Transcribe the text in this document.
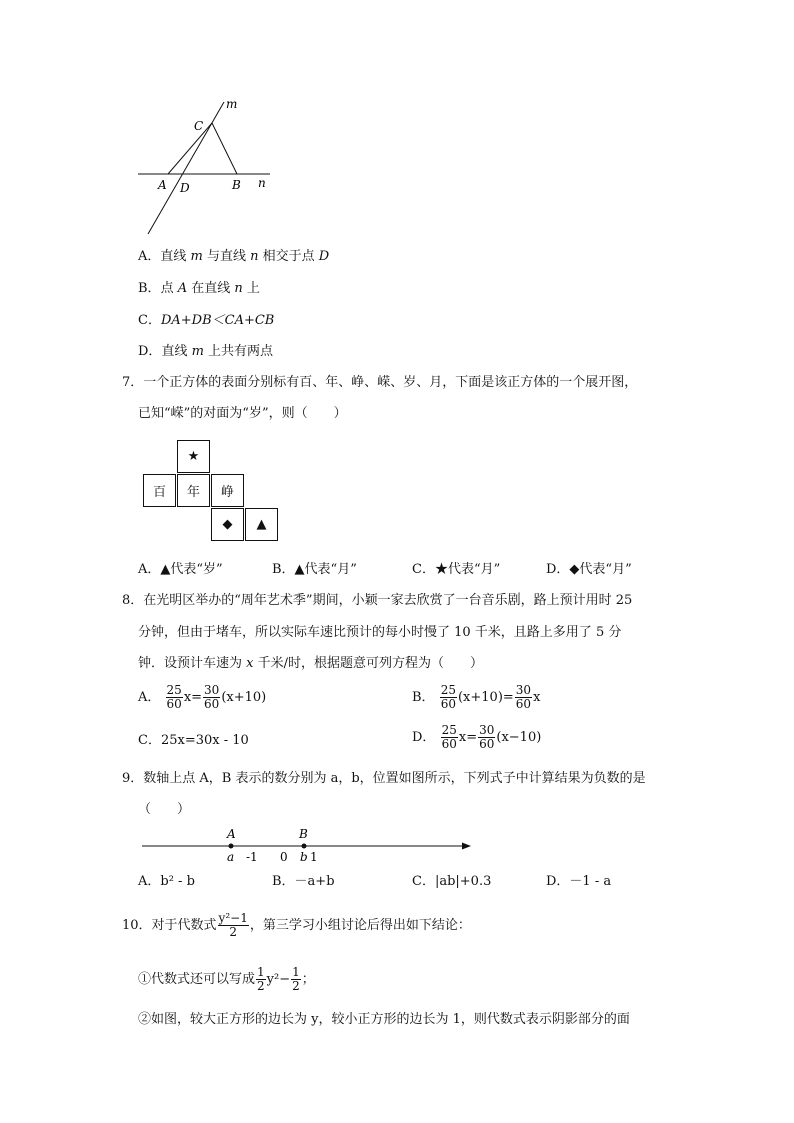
m
C
A D	B n
A．直线 m 与直线 n 相交于点 D
B．点 A 在直线 n 上
C．DA+DB＜CA+CB
D．直线 m 上共有两点
7．一个正方体的表面分别标有百、年、峥、嵘、岁、月，下面是该正方体的一个展开图，
已知“嵘”的对面为“岁”，则（　　）
★
百	年	峥
◆	▲
A．▲代表“岁”	B．▲代表“月”	C．★代表“月”	D．◆代表“月”
8．在光明区举办的“周年艺术季”期间，小颖一家去欣赏了一台音乐剧，路上预计用时 25
分钟，但由于堵车，所以实际车速比预计的每小时慢了 10 千米，且路上多用了 5 分
钟．设预计车速为 x 千米/时，根据题意可列方程为（　　）
A． $\frac{25}{60} x= \frac{30}{60} (x+10)$	B． $\frac{25}{60} (x+10)= \frac{30}{60}$ x
C．25x=30x - 10	D． $\frac{25}{60} x= \frac{30}{60} (x-10)$
9．数轴上点 A，B 表示的数分别为 a，b，位置如图所示，下列式子中计算结果为负数的是
（　　）
A	B
a -1 0 b 1
A．b² - b	B．－a+b	C．|ab|+0.3	D．－1 - a
10．对于代数式 $\frac{\text{y²−1}}{2}$ ，第三学习小组讨论后得出如下结论：
①代数式还可以写成 $\frac{1}{2} y^2- \frac{1}{2}$ ；
②如图，较大正方形的边长为 y，较小正方形的边长为 1，则代数式表示阴影部分的面
